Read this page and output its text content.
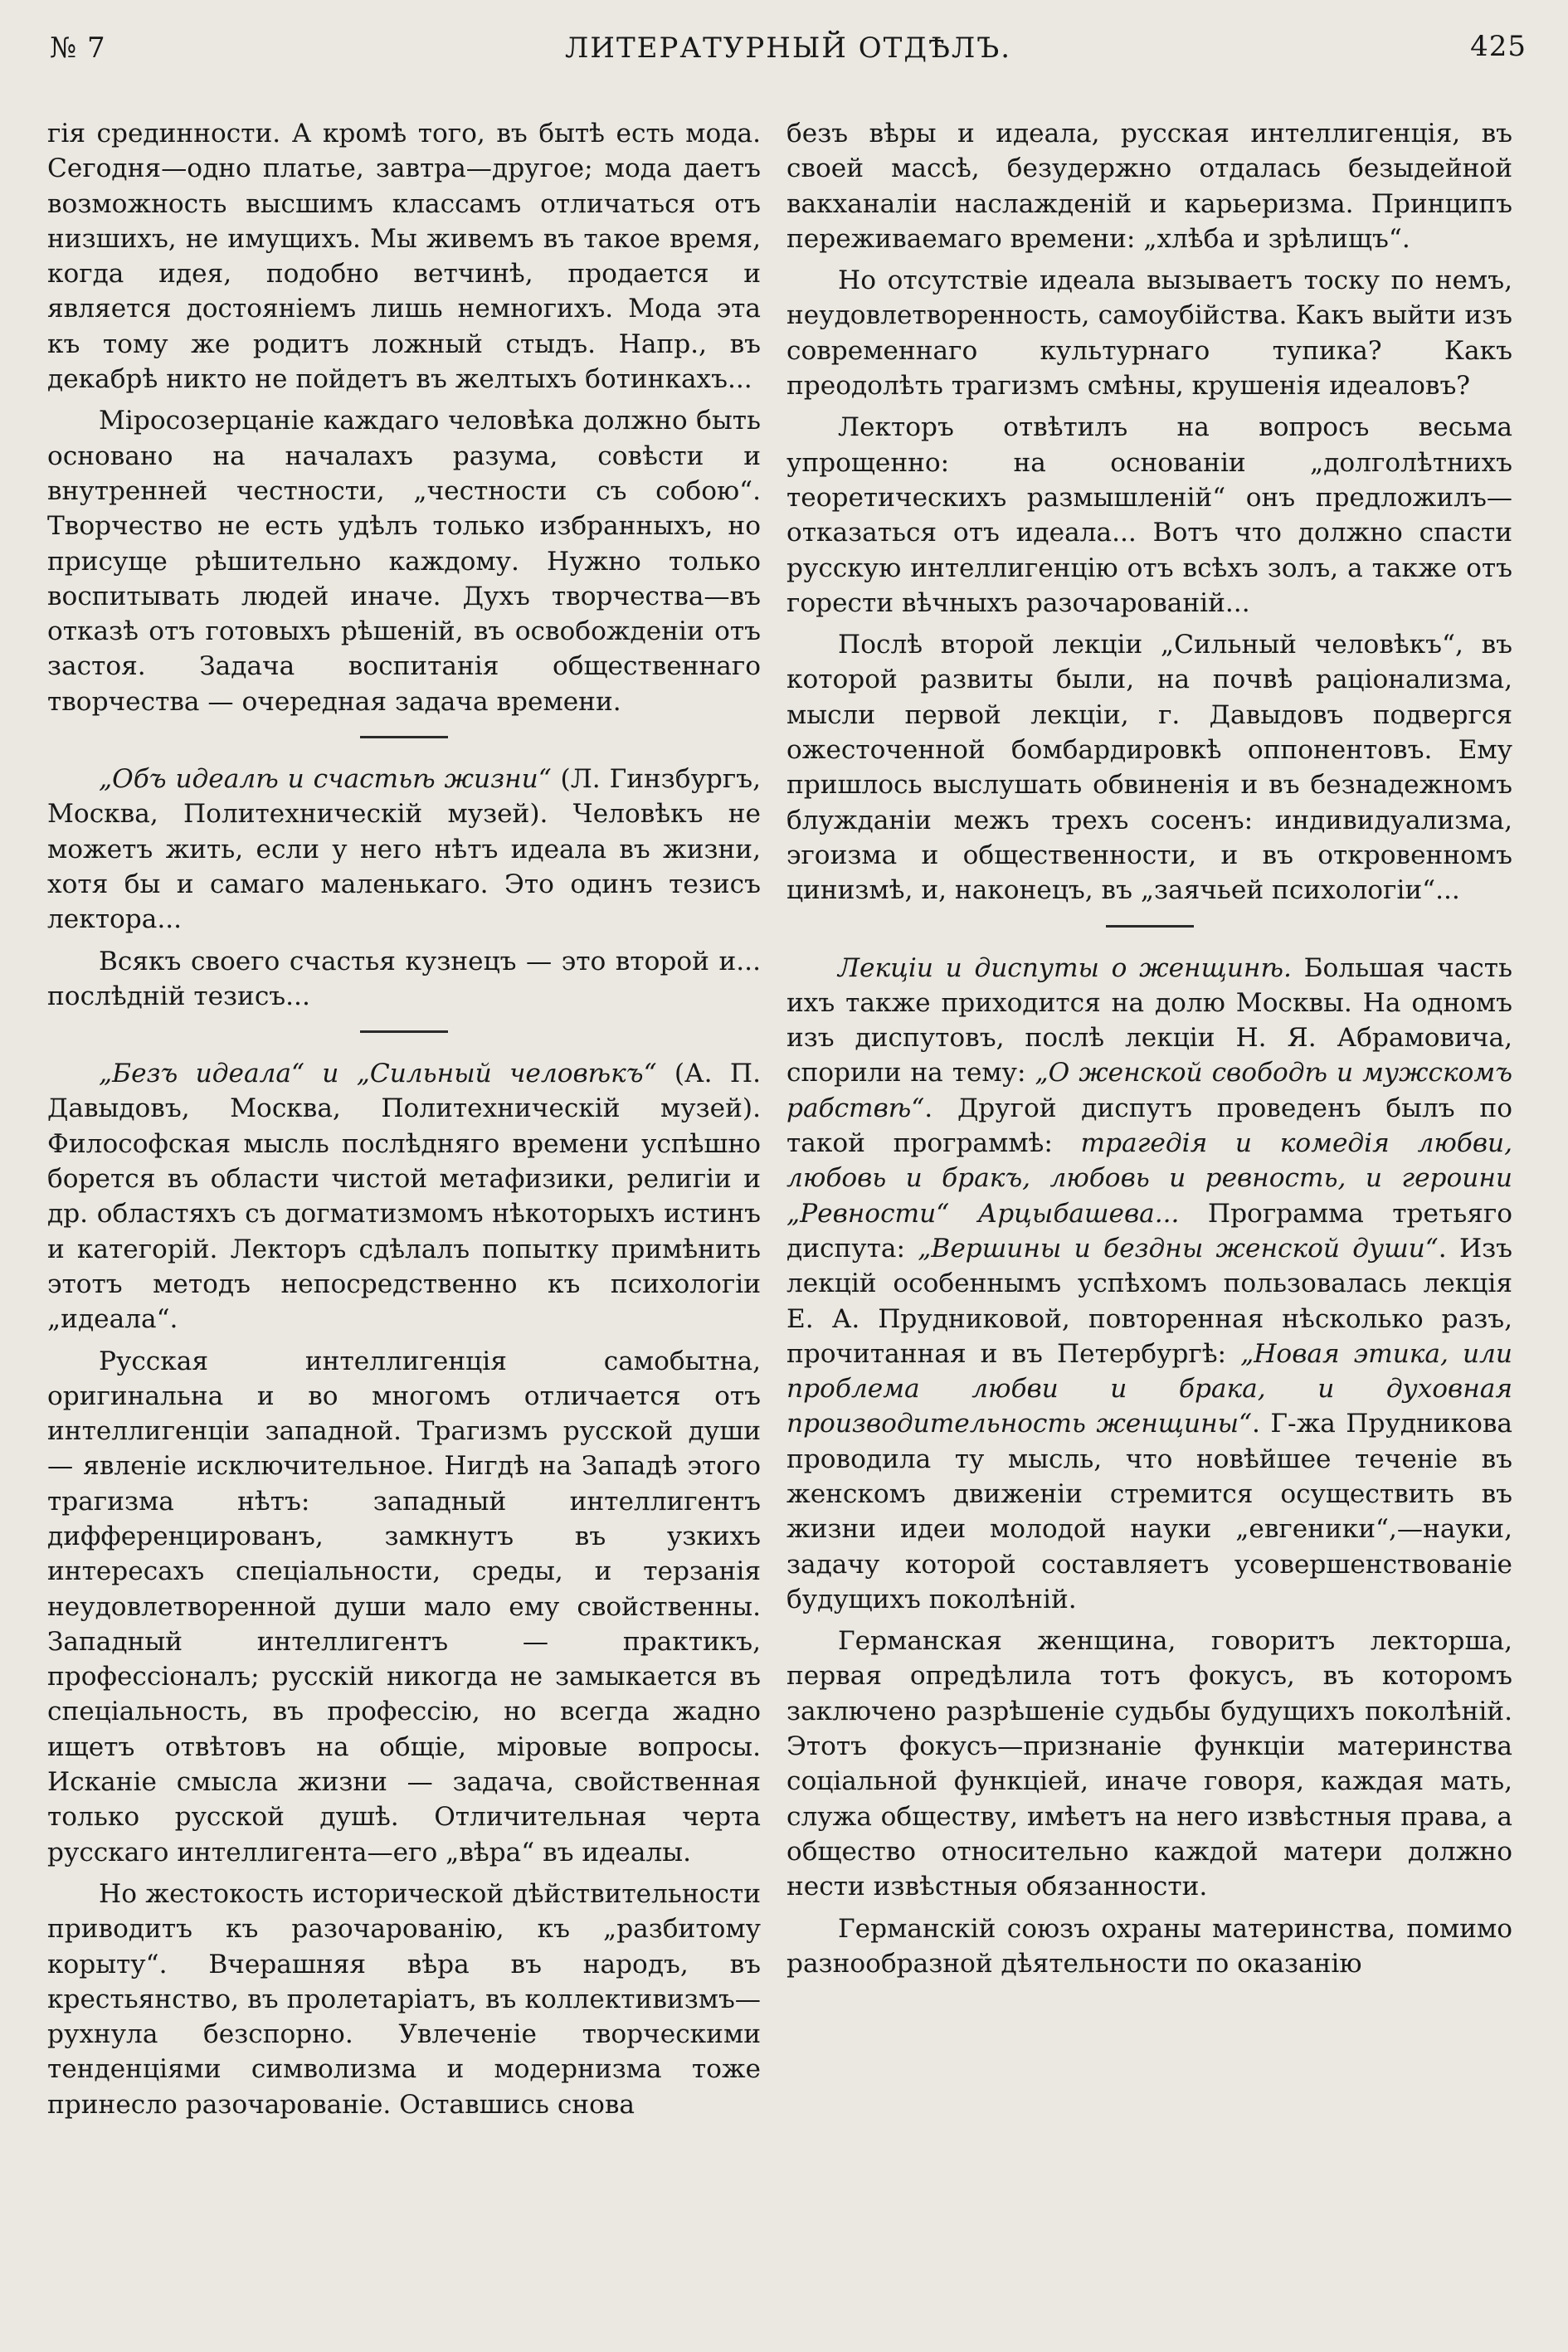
№ 7	ЛИТЕРАТУРНЫЙ ОТДѢЛЪ.	425

гія срединности. А кромѣ того, въ бытѣ есть мода. Сегодня—одно платье, завтра—другое; мода даетъ возможность высшимъ классамъ отличаться отъ низшихъ, не имущихъ. Мы живемъ въ такое время, когда идея, подобно ветчинѣ, продается и является достояніемъ лишь немногихъ. Мода эта къ тому же родитъ ложный стыдъ. Напр., въ декабрѣ никто не пойдетъ въ желтыхъ ботинкахъ...

Міросозерцаніе каждаго человѣка должно быть основано на началахъ разума, совѣсти и внутренней честности, „честности съ собою“. Творчество не есть удѣлъ только избранныхъ, но присуще рѣшительно каждому. Нужно только воспитывать людей иначе. Духъ творчества—въ отказѣ отъ готовыхъ рѣшеній, въ освобожденіи отъ застоя. Задача воспитанія общественнаго творчества — очередная задача времени.

„Объ идеалѣ и счастьѣ жизни“ (Л. Гинзбургъ, Москва, Политехническій музей). Человѣкъ не можетъ жить, если у него нѣтъ идеала въ жизни, хотя бы и самаго маленькаго. Это одинъ тезисъ лектора...

Всякъ своего счастья кузнецъ — это второй и... послѣдній тезисъ...

„Безъ идеала“ и „Сильный человѣкъ“ (А. П. Давыдовъ, Москва, Политехническій музей). Философская мысль послѣдняго времени успѣшно борется въ области чистой метафизики, религіи и др. областяхъ съ догматизмомъ нѣкоторыхъ истинъ и категорій. Лекторъ сдѣлалъ попытку примѣнить этотъ методъ непосредственно къ психологіи „идеала“.

Русская интеллигенція самобытна, оригинальна и во многомъ отличается отъ интеллигенціи западной. Трагизмъ русской души — явленіе исключительное. Нигдѣ на Западѣ этого трагизма нѣтъ: западный интеллигентъ дифференцированъ, замкнутъ въ узкихъ интересахъ спеціальности, среды, и терзанія неудовлетворенной души мало ему свойственны. Западный интеллигентъ — практикъ, профессіоналъ; русскій никогда не замыкается въ спеціальность, въ профессію, но всегда жадно ищетъ отвѣтовъ на общіе, міровые вопросы. Исканіе смысла жизни — задача, свойственная только русской душѣ. Отличительная черта русскаго интеллигента—его „вѣра“ въ идеалы.

Но жестокость исторической дѣйствительности приводитъ къ разочарованію, къ „разбитому корыту“. Вчерашняя вѣра въ народъ, въ крестьянство, въ пролетаріатъ, въ коллективизмъ—рухнула безспорно. Увлеченіе творческими тенденціями символизма и модернизма тоже принесло разочарованіе. Оставшись снова

безъ вѣры и идеала, русская интеллигенція, въ своей массѣ, безудержно отдалась безыдейной вакханаліи наслажденій и карьеризма. Принципъ переживаемаго времени: „хлѣба и зрѣлищъ“.

Но отсутствіе идеала вызываетъ тоску по немъ, неудовлетворенность, самоубійства. Какъ выйти изъ современнаго культурнаго тупика? Какъ преодолѣть трагизмъ смѣны, крушенія идеаловъ?

Лекторъ отвѣтилъ на вопросъ весьма упрощенно: на основаніи „долголѣтнихъ теоретическихъ размышленій“ онъ предложилъ—отказаться отъ идеала... Вотъ что должно спасти русскую интеллигенцію отъ всѣхъ золъ, а также отъ горести вѣчныхъ разочарованій...

Послѣ второй лекціи „Сильный человѣкъ“, въ которой развиты были, на почвѣ раціонализма, мысли первой лекціи, г. Давыдовъ подвергся ожесточенной бомбардировкѣ оппонентовъ. Ему пришлось выслушать обвиненія и въ безнадежномъ блужданіи межъ трехъ сосенъ: индивидуализма, эгоизма и общественности, и въ откровенномъ цинизмѣ, и, наконецъ, въ „заячьей психологіи“...

Лекціи и диспуты о женщинѣ. Большая часть ихъ также приходится на долю Москвы. На одномъ изъ диспутовъ, послѣ лекціи Н. Я. Абрамовича, спорили на тему: „О женской свободѣ и мужскомъ рабствѣ“. Другой диспутъ проведенъ былъ по такой программѣ: трагедія и комедія любви, любовь и бракъ, любовь и ревность, и героини „Ревности“ Арцыбашева... Программа третьяго диспута: „Вершины и бездны женской души“. Изъ лекцій особеннымъ успѣхомъ пользовалась лекція Е. А. Прудниковой, повторенная нѣсколько разъ, прочитанная и въ Петербургѣ: „Новая этика, или проблема любви и брака, и духовная производительность женщины“. Г-жа Прудникова проводила ту мысль, что новѣйшее теченіе въ женскомъ движеніи стремится осуществить въ жизни идеи молодой науки „евгеники“,—науки, задачу которой составляетъ усовершенствованіе будущихъ поколѣній.

Германская женщина, говоритъ лекторша, первая опредѣлила тотъ фокусъ, въ которомъ заключено разрѣшеніе судьбы будущихъ поколѣній. Этотъ фокусъ—признаніе функціи материнства соціальной функціей, иначе говоря, каждая мать, служа обществу, имѣетъ на него извѣстныя права, а общество относительно каждой матери должно нести извѣстныя обязанности.

Германскій союзъ охраны материнства, помимо разнообразной дѣятельности по оказанію
